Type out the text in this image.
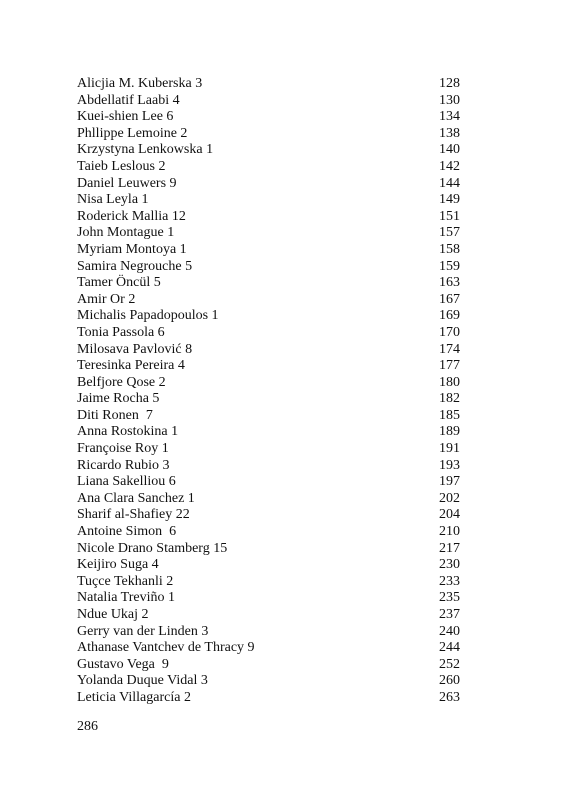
Alicjia M. Kuberska 3	128
Abdellatif Laabi 4	130
Kuei-shien Lee 6	134
Phllippe Lemoine 2	138
Krzystyna Lenkowska 1	140
Taieb Leslous 2	142
Daniel Leuwers 9	144
Nisa Leyla 1	149
Roderick Mallia 12	151
John Montague 1	157
Myriam Montoya 1	158
Samira Negrouche 5	159
Tamer Öncül 5	163
Amir Or 2	167
Michalis Papadopoulos 1	169
Tonia Passola 6	170
Milosava Pavlović 8	174
Teresinka Pereira 4	177
Belfjore Qose 2	180
Jaime Rocha 5	182
Diti Ronen  7	185
Anna Rostokina 1	189
Françoise Roy 1	191
Ricardo Rubio 3	193
Liana Sakelliou 6	197
Ana Clara Sanchez 1	202
Sharif al-Shafiey 22	204
Antoine Simon  6	210
Nicole Drano Stamberg 15	217
Keijiro Suga 4	230
Tuçce Tekhanli 2	233
Natalia Treviño 1	235
Ndue Ukaj 2	237
Gerry van der Linden 3	240
Athanase Vantchev de Thracy 9	244
Gustavo Vega  9	252
Yolanda Duque Vidal 3	260
Leticia Villagarcía 2	263
286
